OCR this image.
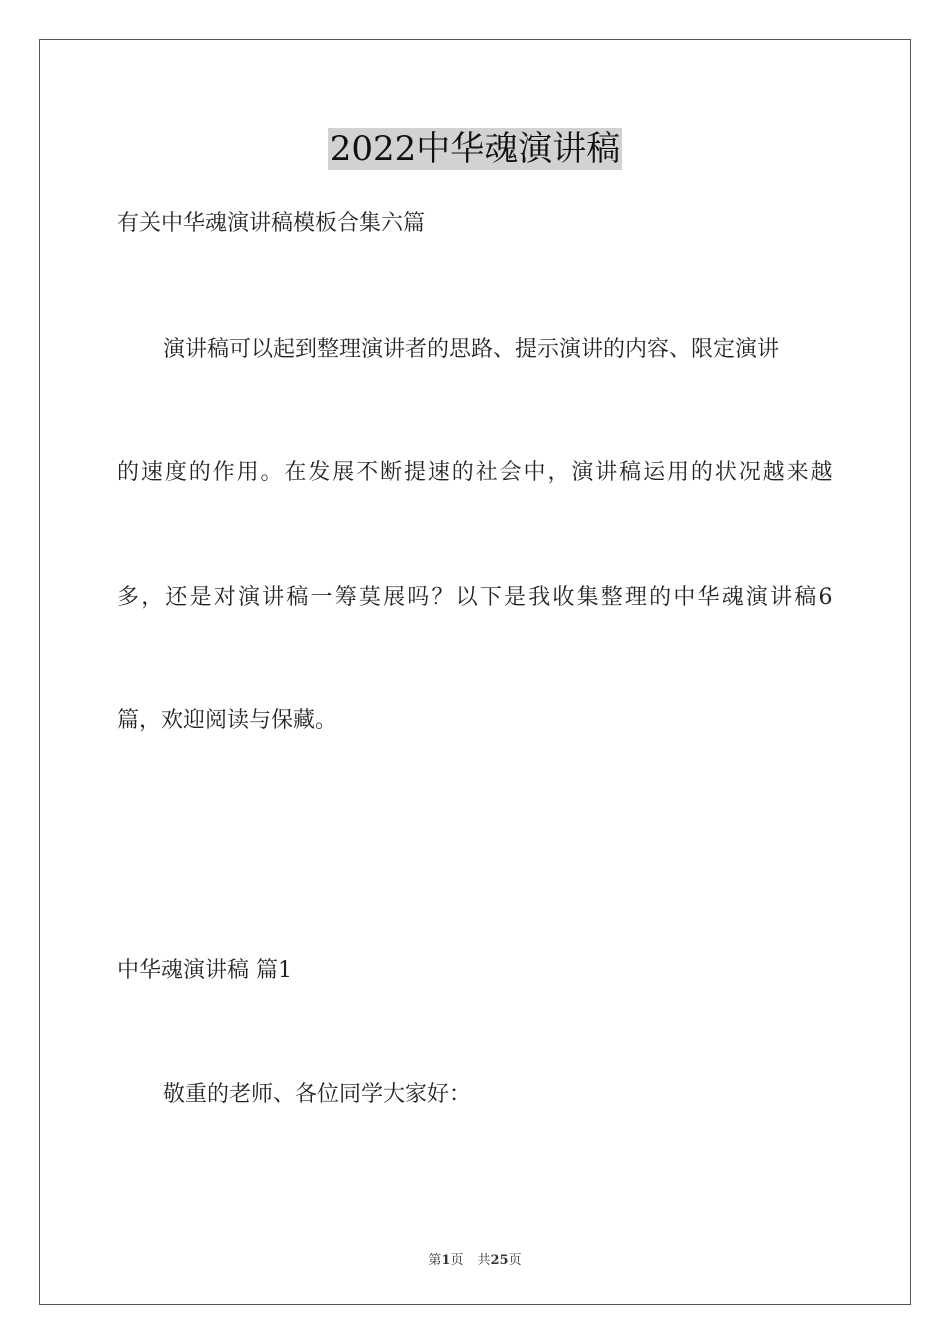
2022中华魂演讲稿
有关中华魂演讲稿模板合集六篇
演讲稿可以起到整理演讲者的思路、提示演讲的内容、限定演讲
的速度的作用。在发展不断提速的社会中，演讲稿运用的状况越来越
多，还是对演讲稿一筹莫展吗？以下是我收集整理的中华魂演讲稿6
篇，欢迎阅读与保藏。
中华魂演讲稿 篇1
敬重的老师、各位同学大家好：
第1页 共25页
